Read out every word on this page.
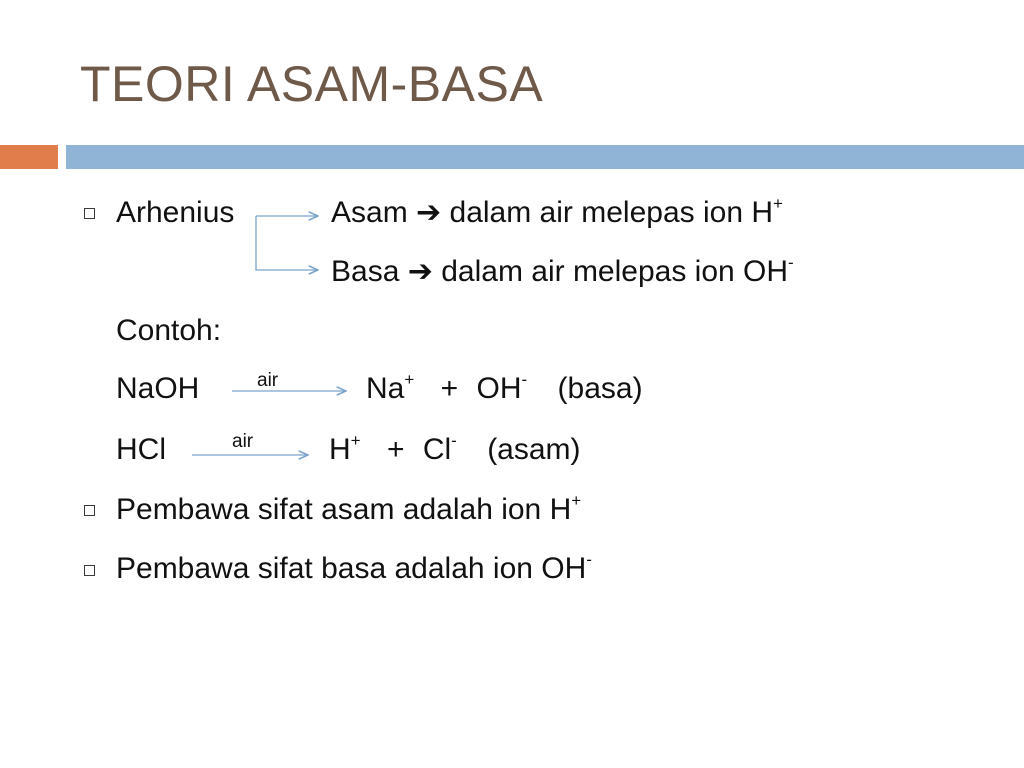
TEORI ASAM-BASA
Arhenius	Asam ➔ dalam air melepas ion H+
Basa ➔ dalam air melepas ion OH-
Contoh:
NaOH	air	Na+ + OH- (basa)
HCl	air	H+ + Cl- (asam)
Pembawa sifat asam adalah ion H+
Pembawa sifat basa adalah ion OH-
